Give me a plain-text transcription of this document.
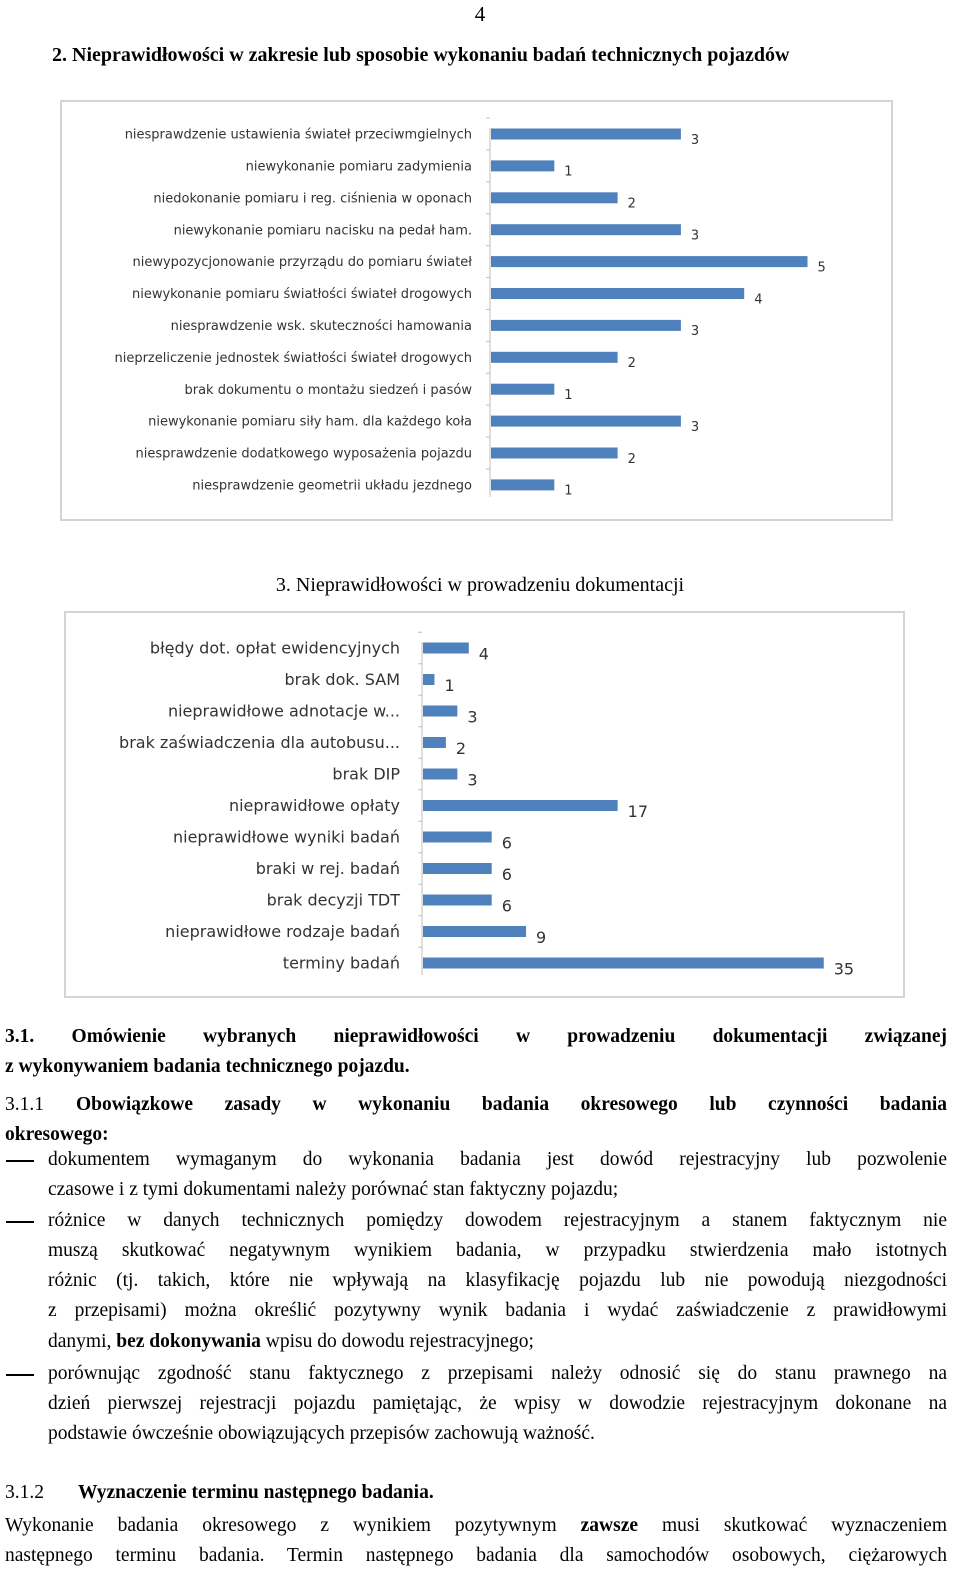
4
2. Nieprawidłowości w zakresie lub sposobie wykonaniu badań technicznych pojazdów
niesprawdzenie ustawienia świateł przeciwmgielnych	3
niewykonanie pomiaru zadymienia	1
niedokonanie pomiaru i reg. ciśnienia w oponach	2
niewykonanie pomiaru nacisku na pedał ham.	3
niewypozycjonowanie przyrządu do pomiaru świateł	5
niewykonanie pomiaru światłości świateł drogowych	4
niesprawdzenie wsk. skuteczności hamowania	3
nieprzeliczenie jednostek światłości świateł drogowych	2
brak dokumentu o montażu siedzeń i pasów	1
niewykonanie pomiaru siły ham. dla każdego koła	3
niesprawdzenie dodatkowego wyposażenia pojazdu	2
niesprawdzenie geometrii układu jezdnego	1
3. Nieprawidłowości w prowadzeniu dokumentacji
błędy dot. opłat ewidencyjnych	4
brak dok. SAM	1
nieprawidłowe adnotacje w...	3
brak zaświadczenia dla autobusu...	2
brak DIP	3
nieprawidłowe opłaty	17
nieprawidłowe wyniki badań	6
braki w rej. badań	6
brak decyzji TDT	6
nieprawidłowe rodzaje badań	9
terminy badań	35
3.1. Omówienie wybranych nieprawidłowości w prowadzeniu dokumentacji związanej
z wykonywaniem badania technicznego pojazdu.
3.1.1 Obowiązkowe zasady w wykonaniu badania okresowego lub czynności badania
okresowego:
dokumentem wymaganym do wykonania badania jest dowód rejestracyjny lub pozwolenie
czasowe i z tymi dokumentami należy porównać stan faktyczny pojazdu;
różnice w danych technicznych pomiędzy dowodem rejestracyjnym a stanem faktycznym nie
muszą skutkować negatywnym wynikiem badania, w przypadku stwierdzenia mało istotnych
różnic (tj. takich, które nie wpływają na klasyfikację pojazdu lub nie powodują niezgodności
z przepisami) można określić pozytywny wynik badania i wydać zaświadczenie z prawidłowymi
danymi, bez dokonywania wpisu do dowodu rejestracyjnego;
porównując zgodność stanu faktycznego z przepisami należy odnosić się do stanu prawnego na
dzień pierwszej rejestracji pojazdu pamiętając, że wpisy w dowodzie rejestracyjnym dokonane na
podstawie ówcześnie obowiązujących przepisów zachowują ważność.
3.1.2 Wyznaczenie terminu następnego badania.
Wykonanie badania okresowego z wynikiem pozytywnym zawsze musi skutkować wyznaczeniem
następnego terminu badania. Termin następnego badania dla samochodów osobowych, ciężarowych
